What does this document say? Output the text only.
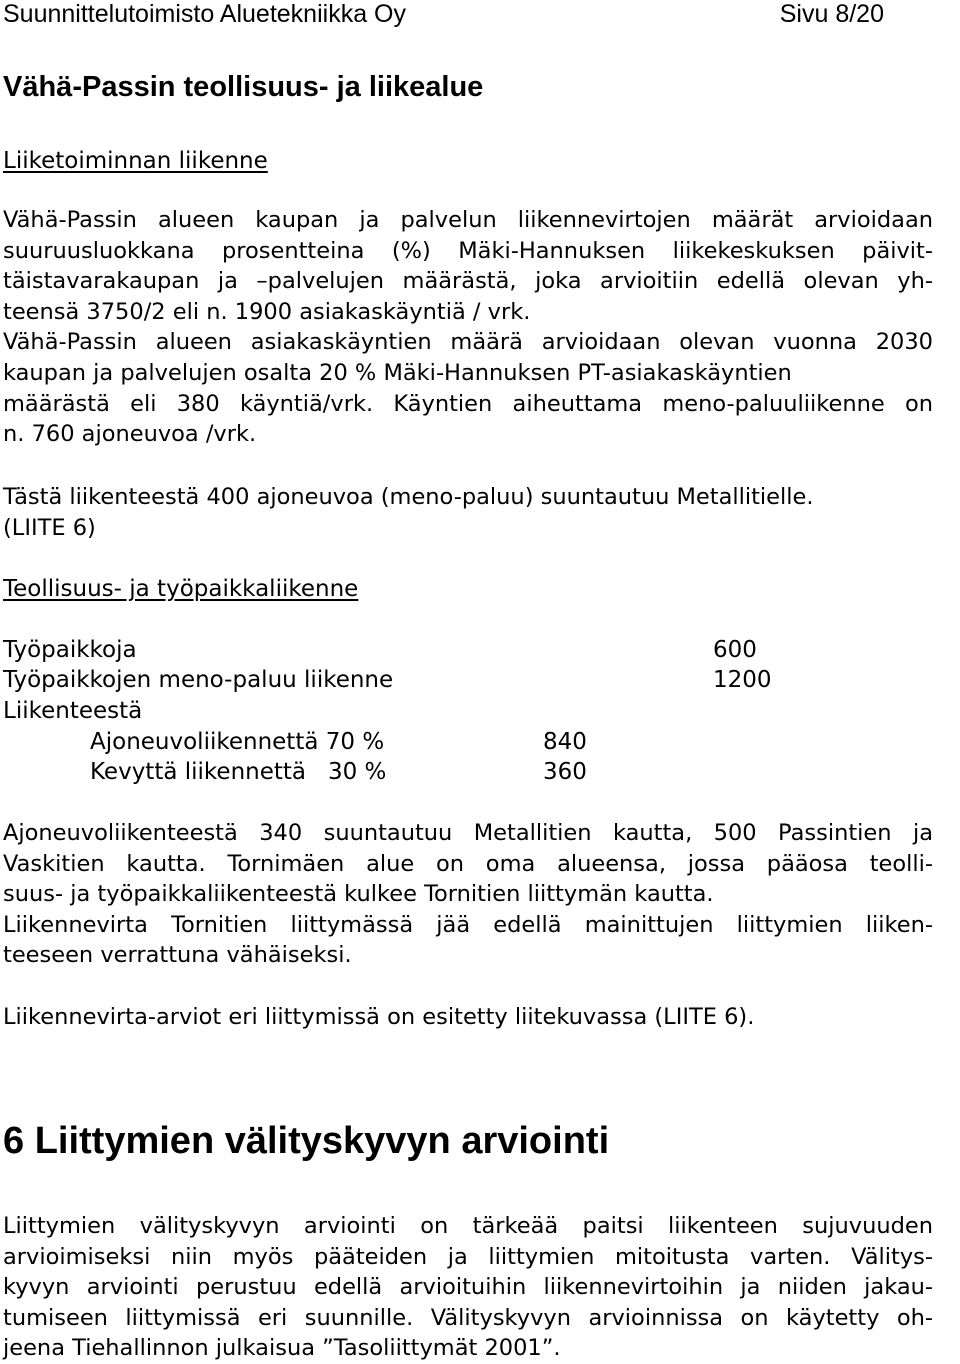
Suunnittelutoimisto Aluetekniikka Oy	Sivu 8/20
Vähä-Passin teollisuus- ja liikealue
Liiketoiminnan liikenne
Vähä-Passin alueen kaupan ja palvelun liikennevirtojen määrät arvioidaan
suuruusluokkana prosentteina (%) Mäki-Hannuksen liikekeskuksen päivit-
täistavarakaupan ja –palvelujen määrästä, joka arvioitiin edellä olevan yh-
teensä 3750/2 eli n. 1900 asiakaskäyntiä / vrk.
Vähä-Passin alueen asiakaskäyntien määrä arvioidaan olevan vuonna 2030
kaupan ja palvelujen osalta 20 % Mäki-Hannuksen PT-asiakaskäyntien
määrästä eli 380 käyntiä/vrk. Käyntien aiheuttama meno-paluuliikenne on
n. 760 ajoneuvoa /vrk.
Tästä liikenteestä 400 ajoneuvoa (meno-paluu) suuntautuu Metallitielle.
(LIITE 6)
Teollisuus- ja työpaikkaliikenne
Työpaikkoja	600
Työpaikkojen meno-paluu liikenne	1200
Liikenteestä
Ajoneuvoliikennettä 70 %	840
Kevyttä liikennettä   30 %	360
Ajoneuvoliikenteestä 340 suuntautuu Metallitien kautta, 500 Passintien ja
Vaskitien kautta. Tornimäen alue on oma alueensa, jossa pääosa teolli-
suus- ja työpaikkaliikenteestä kulkee Tornitien liittymän kautta.
Liikennevirta Tornitien liittymässä jää edellä mainittujen liittymien liiken-
teeseen verrattuna vähäiseksi.
Liikennevirta-arviot eri liittymissä on esitetty liitekuvassa (LIITE 6).
6 Liittymien välityskyvyn arviointi
Liittymien välityskyvyn arviointi on tärkeää paitsi liikenteen sujuvuuden
arvioimiseksi niin myös pääteiden ja liittymien mitoitusta varten. Välitys-
kyvyn arviointi perustuu edellä arvioituihin liikennevirtoihin ja niiden jakau-
tumiseen liittymissä eri suunnille. Välityskyvyn arvioinnissa on käytetty oh-
jeena Tiehallinnon julkaisua ”Tasoliittymät 2001”.
